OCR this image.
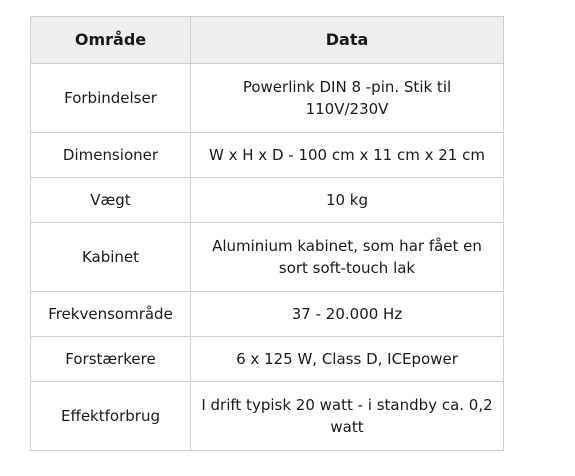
Område	Data
Forbindelser	Powerlink DIN 8 -pin. Stik til 110V/230V
Dimensioner	W x H x D - 100 cm x 11 cm x 21 cm
Vægt	10 kg
Kabinet	Aluminium kabinet, som har fået en sort soft-touch lak
Frekvensområde	37 - 20.000 Hz
Forstærkere	6 x 125 W, Class D, ICEpower
Effektforbrug	I drift typisk 20 watt - i standby ca. 0,2 watt
